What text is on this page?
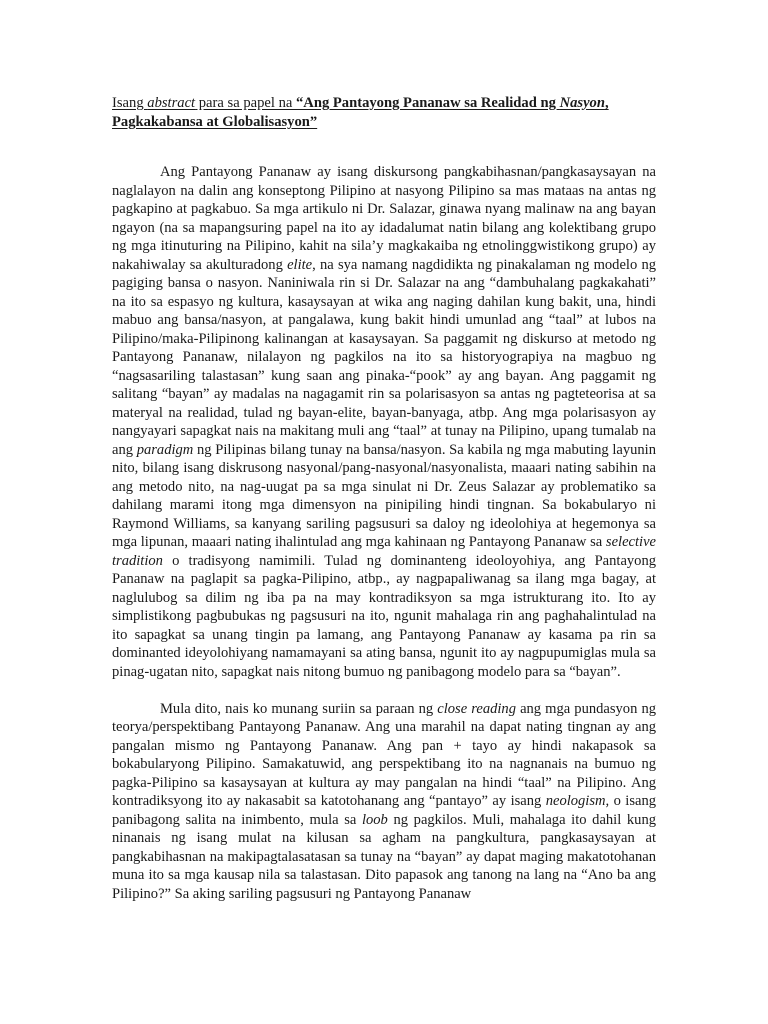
Isang abstract para sa papel na “Ang Pantayong Pananaw sa Realidad ng Nasyon, Pagkakabansa at Globalisasyon”

Ang Pantayong Pananaw ay isang diskursong pangkabihasnan/pangkasaysayan na naglalayon na dalin ang konseptong Pilipino at nasyong Pilipino sa mas mataas na antas ng pagkapino at pagkabuo. Sa mga artikulo ni Dr. Salazar, ginawa nyang malinaw na ang bayan ngayon (na sa mapangsuring papel na ito ay idadalumat natin bilang ang kolektibang grupo ng mga itinuturing na Pilipino, kahit na sila’y magkakaiba ng etnolinggwistikong grupo) ay nakahiwalay sa akulturadong elite, na sya namang nagdidikta ng pinakalaman ng modelo ng pagiging bansa o nasyon. Naniniwala rin si Dr. Salazar na ang “dambuhalang pagkakahati” na ito sa espasyo ng kultura, kasaysayan at wika ang naging dahilan kung bakit, una, hindi mabuo ang bansa/nasyon, at pangalawa, kung bakit hindi umunlad ang “taal” at lubos na Pilipino/maka-Pilipinong kalinangan at kasaysayan. Sa paggamit ng diskurso at metodo ng Pantayong Pananaw, nilalayon ng pagkilos na ito sa historyograpiya na magbuo ng “nagsasariling talastasan” kung saan ang pinaka-“pook” ay ang bayan. Ang paggamit ng salitang “bayan” ay madalas na nagagamit rin sa polarisasyon sa antas ng pagteteorisa at sa materyal na realidad, tulad ng bayan-elite, bayan-banyaga, atbp. Ang mga polarisasyon ay nangyayari sapagkat nais na makitang muli ang “taal” at tunay na Pilipino, upang tumalab na ang paradigm ng Pilipinas bilang tunay na bansa/nasyon. Sa kabila ng mga mabuting layunin nito, bilang isang diskrusong nasyonal/pang-nasyonal/nasyonalista, maaari nating sabihin na ang metodo nito, na nag-uugat pa sa mga sinulat ni Dr. Zeus Salazar ay problematiko sa dahilang marami itong mga dimensyon na pinipiling hindi tingnan. Sa bokabularyo ni Raymond Williams, sa kanyang sariling pagsusuri sa daloy ng ideolohiya at hegemonya sa mga lipunan, maaari nating ihalintulad ang mga kahinaan ng Pantayong Pananaw sa selective tradition o tradisyong namimili. Tulad ng dominanteng ideoloyohiya, ang Pantayong Pananaw na paglapit sa pagka-Pilipino, atbp., ay nagpapaliwanag sa ilang mga bagay, at naglulubog sa dilim ng iba pa na may kontradiksyon sa mga istrukturang ito. Ito ay simplistikong pagbubukas ng pagsusuri na ito, ngunit mahalaga rin ang paghahalintulad na ito sapagkat sa unang tingin pa lamang, ang Pantayong Pananaw ay kasama pa rin sa dominanted ideyolohiyang namamayani sa ating bansa, ngunit ito ay nagpupumiglas mula sa pinag-ugatan nito, sapagkat nais nitong bumuo ng panibagong modelo para sa “bayan”.

Mula dito, nais ko munang suriin sa paraan ng close reading ang mga pundasyon ng teorya/perspektibang Pantayong Pananaw. Ang una marahil na dapat nating tingnan ay ang pangalan mismo ng Pantayong Pananaw. Ang pan + tayo ay hindi nakapasok sa bokabularyong Pilipino. Samakatuwid, ang perspektibang ito na nagnanais na bumuo ng pagka-Pilipino sa kasaysayan at kultura ay may pangalan na hindi “taal” na Pilipino. Ang kontradiksyong ito ay nakasabit sa katotohanang ang “pantayo” ay isang neologism, o isang panibagong salita na inimbento, mula sa loob ng pagkilos. Muli, mahalaga ito dahil kung ninanais ng isang mulat na kilusan sa agham na pangkultura, pangkasaysayan at pangkabihasnan na makipagtalasatasan sa tunay na “bayan” ay dapat maging makatotohanan muna ito sa mga kausap nila sa talastasan. Dito papasok ang tanong na lang na “Ano ba ang Pilipino?” Sa aking sariling pagsusuri ng Pantayong Pananaw
